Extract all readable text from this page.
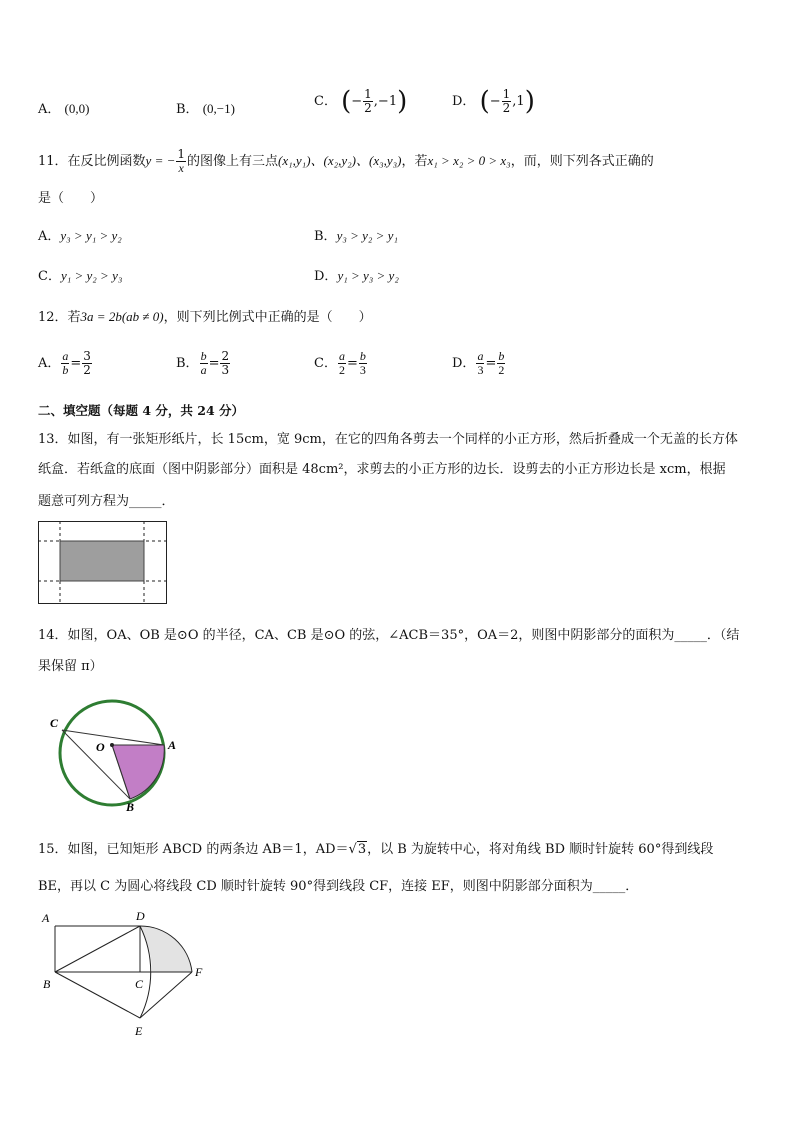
A． (0,0)	B． (0,−1)	C． (− $\frac{1}{2} ,-1$)	D． (− $\frac{1}{2} ,1$)
11．在反比例函数y = − $\frac{1}{x}$ 的图像上有三点(x₁,y₁)、(x₂,y₂)、(x₃,y₃)，若x₁ > x₂ > 0 > x₃，而，则下列各式正确的
是（　　）
A．y₃ > y₁ > y₂	B．y₃ > y₂ > y₁
C．y₁ > y₂ > y₃	D．y₁ > y₃ > y₂
12．若3a = 2b(ab ≠ 0)，则下列比例式中正确的是（　　）
A． $\frac{a}{b} = \frac{3}{2}$	B． $\frac{b}{a} = \frac{2}{3}$	C． $\frac{a}{2} = \frac{b}{3}$	D． $\frac{a}{3} = \frac{b}{2}$
二、填空题（每题 4 分，共 24 分）
13．如图，有一张矩形纸片，长 15cm，宽 9cm，在它的四角各剪去一个同样的小正方形，然后折叠成一个无盖的长方体
纸盒．若纸盒的底面（图中阴影部分）面积是 48cm²，求剪去的小正方形的边长．设剪去的小正方形边长是 xcm，根据
题意可列方程为_____．
14．如图，OA、OB 是⊙O 的半径，CA、CB 是⊙O 的弦，∠ACB＝35°，OA＝2，则图中阴影部分的面积为_____．（结
果保留 π）
C
O	A
B
15．如图，已知矩形 ABCD 的两条边 AB＝1，AD＝√3，以 B 为旋转中心，将对角线 BD 顺时针旋转 60°得到线段
BE，再以 C 为圆心将线段 CD 顺时针旋转 90°得到线段 CF，连接 EF，则图中阴影部分面积为_____．
A	D
B	C
F
E
